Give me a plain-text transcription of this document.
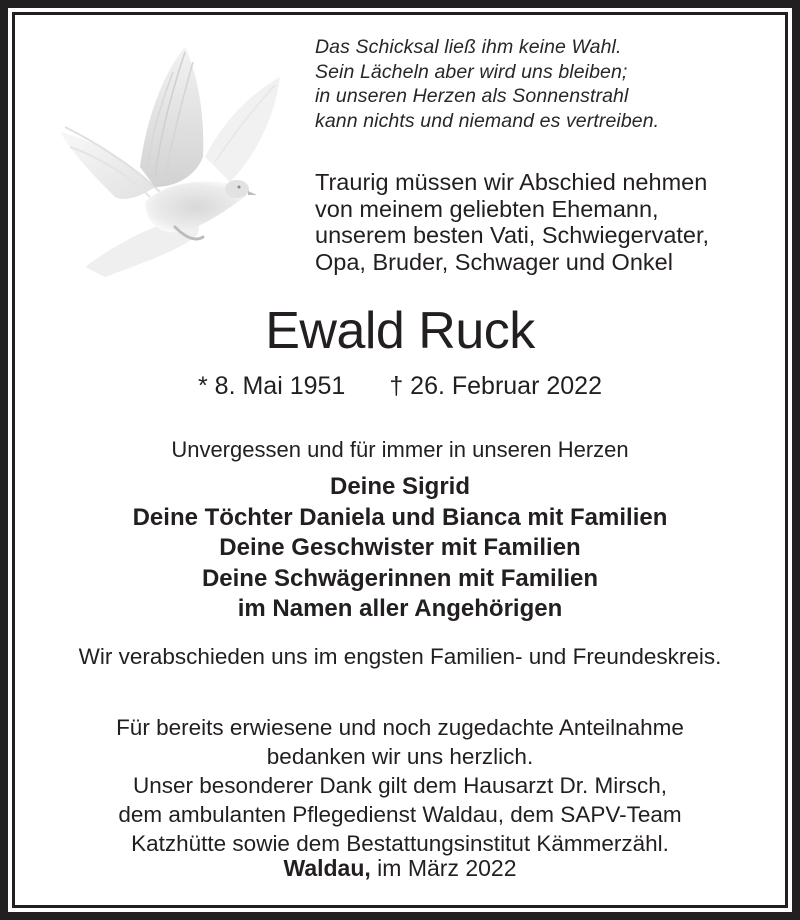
Das Schicksal ließ ihm keine Wahl.
Sein Lächeln aber wird uns bleiben;
in unseren Herzen als Sonnenstrahl
kann nichts und niemand es vertreiben.
Traurig müssen wir Abschied nehmen
von meinem geliebten Ehemann,
unserem besten Vati, Schwiegervater,
Opa, Bruder, Schwager und Onkel
Ewald Ruck
* 8. Mai 1951 † 26. Februar 2022
Unvergessen und für immer in unseren Herzen
Deine Sigrid
Deine Töchter Daniela und Bianca mit Familien
Deine Geschwister mit Familien
Deine Schwägerinnen mit Familien
im Namen aller Angehörigen
Wir verabschieden uns im engsten Familien- und Freundeskreis.
Für bereits erwiesene und noch zugedachte Anteilnahme
bedanken wir uns herzlich.
Unser besonderer Dank gilt dem Hausarzt Dr. Mirsch,
dem ambulanten Pflegedienst Waldau, dem SAPV-Team
Katzhütte sowie dem Bestattungsinstitut Kämmerzähl.
Waldau, im März 2022
